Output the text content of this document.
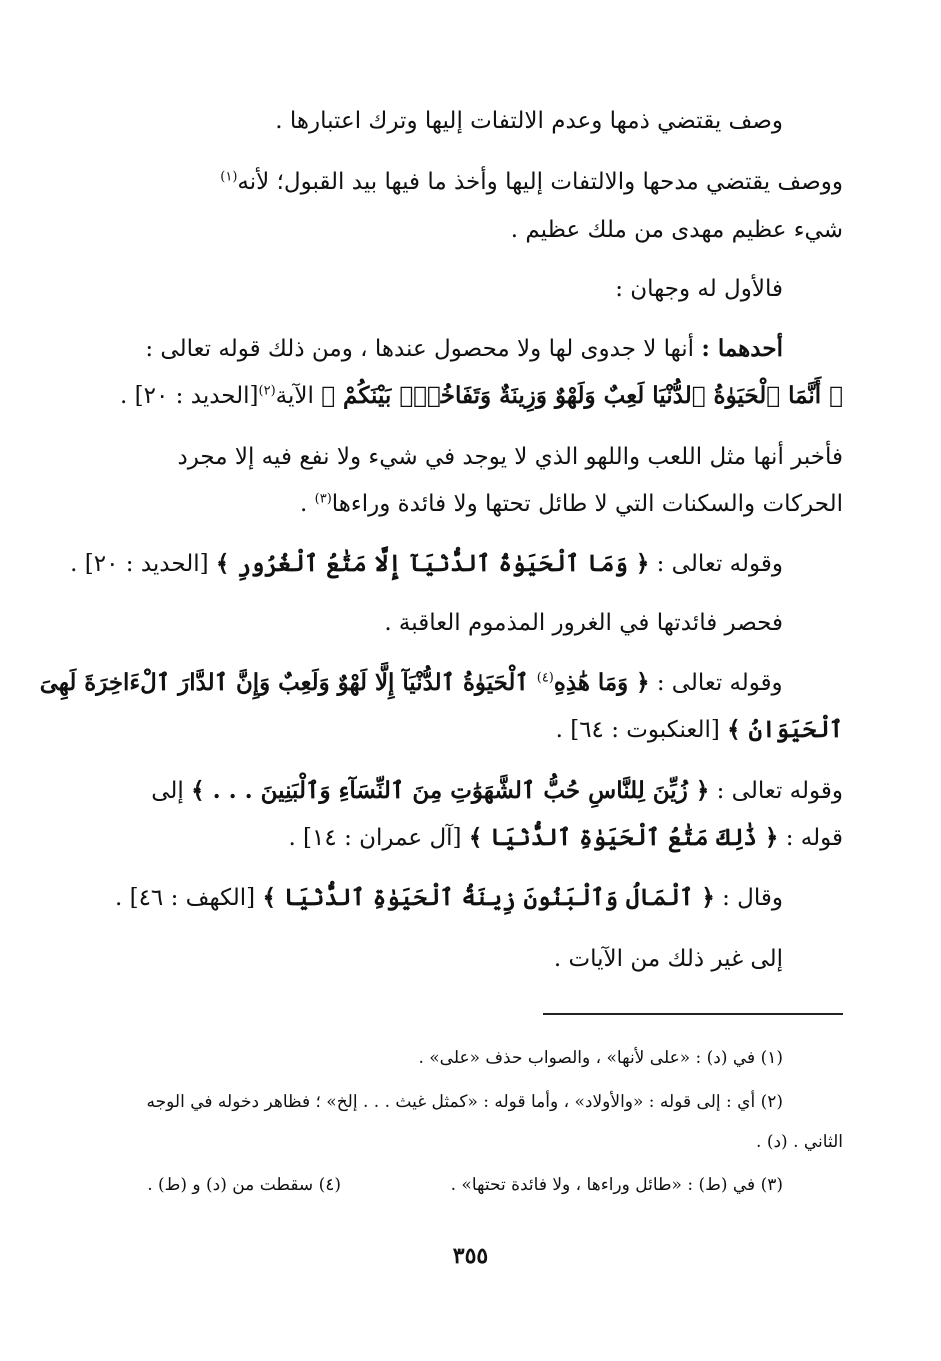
وصف يقتضي ذمها وعدم الالتفات إليها وترك اعتبارها .
ووصف يقتضي مدحها والالتفات إليها وأخذ ما فيها بيد القبول؛ لأنه$^{(١)}$
شيء عظيم مهدى من ملك عظيم .
فالأول له وجهان :
أحدهما : أنها لا جدوى لها ولا محصول عندها ، ومن ذلك قوله تعالى :
﴿ أَنَّمَا ٱلْحَيَوٰةُ ٱلدُّنْيَا لَعِبٌ وَلَهْوٌ وَزِينَةٌ وَتَفَاخُرٌۢ بَيْنَكُمْ ﴾ الآية$^{(٢)}$[الحديد : ٢٠] .
فأخبر أنها مثل اللعب واللهو الذي لا يوجد في شيء ولا نفع فيه إلا مجرد
الحركات والسكنات التي لا طائل تحتها ولا فائدة وراءها$^{(٣)}$ .
وقوله تعالى : ﴿ وَمَا ٱلْحَيَوٰةُ ٱلدُّنْيَآ إِلَّا مَتَٰعُ ٱلْغُرُورِ ﴾ [الحديد : ٢٠] .
فحصر فائدتها في الغرور المذموم العاقبة .
وقوله تعالى : ﴿ وَمَا هَٰذِهِ$^{(٤)}$ ٱلْحَيَوٰةُ ٱلدُّنْيَآ إِلَّا لَهْوٌ وَلَعِبٌ وَإِنَّ ٱلدَّارَ ٱلْءَاخِرَةَ لَهِىَ
ٱلْحَيَوَانُ ﴾ [العنكبوت : ٦٤] .
وقوله تعالى : ﴿ زُيِّنَ لِلنَّاسِ حُبُّ ٱلشَّهَوَٰتِ مِنَ ٱلنِّسَآءِ وَٱلْبَنِينَ . . . ﴾ إلى
قوله : ﴿ ذَٰلِكَ مَتَٰعُ ٱلْحَيَوٰةِ ٱلدُّنْيَا ﴾ [آل عمران : ١٤] .
وقال : ﴿ ٱلْمَالُ وَٱلْبَنُونَ زِينَةُ ٱلْحَيَوٰةِ ٱلدُّنْيَا ﴾ [الكهف : ٤٦] .
إلى غير ذلك من الآيات .
(١) في (د) : «على لأنها» ، والصواب حذف «على» .
(٢) أي : إلى قوله : «والأولاد» ، وأما قوله : «كمثل غيث . . . إلخ» ؛ فظاهر دخوله في الوجه
الثاني . (د) .
(٣) في (ط) : «طائل وراءها ، ولا فائدة تحتها» .
(٤) سقطت من (د) و (ط) .
٣٥٥
